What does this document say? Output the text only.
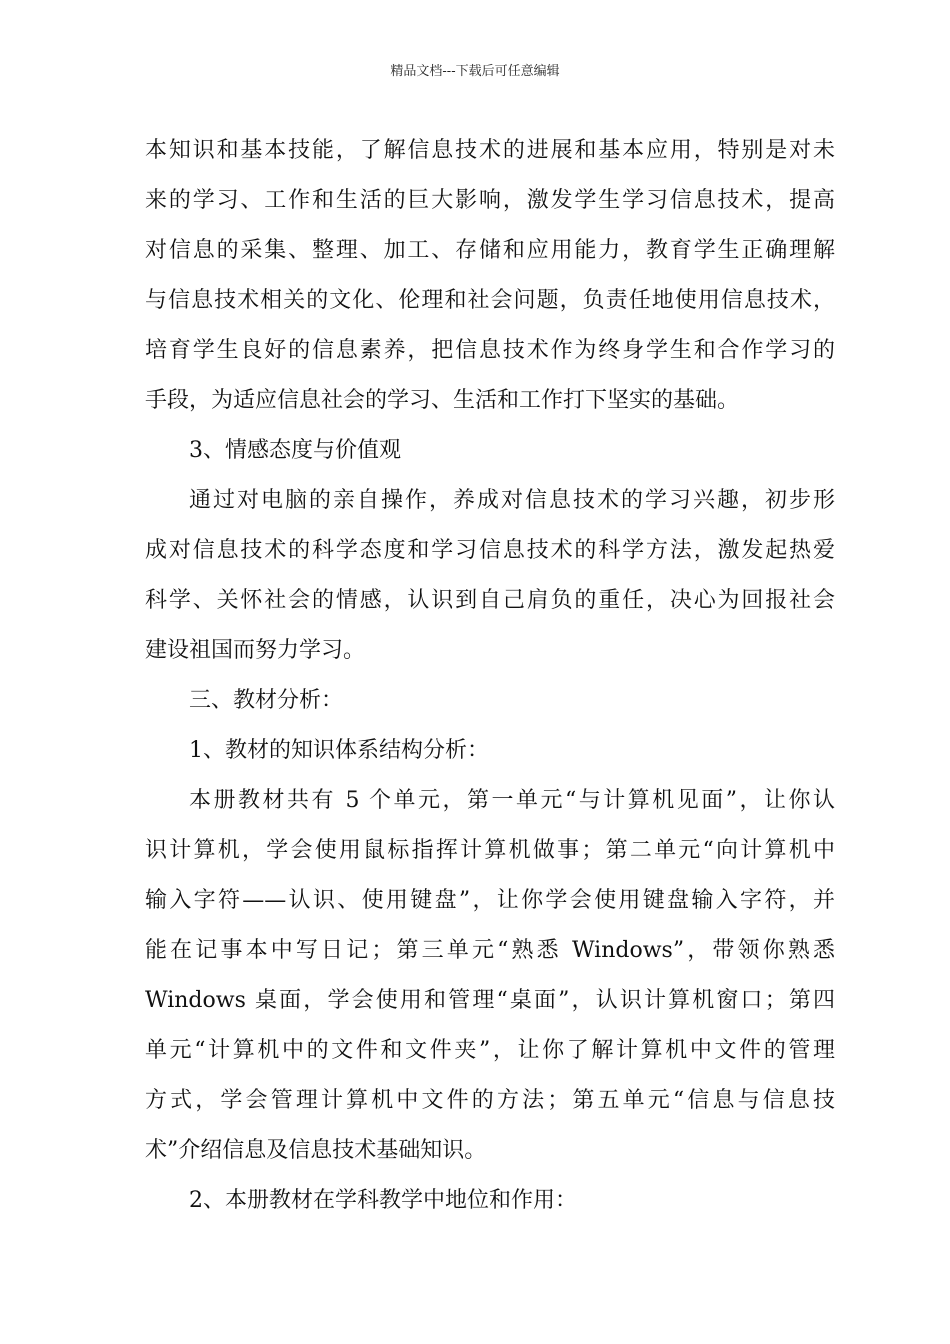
精品文档---下载后可任意编辑
本知识和基本技能，了解信息技术的进展和基本应用，特别是对未
来的学习、工作和生活的巨大影响，激发学生学习信息技术，提高
对信息的采集、整理、加工、存储和应用能力，教育学生正确理解
与信息技术相关的文化、伦理和社会问题，负责任地使用信息技术，
培育学生良好的信息素养，把信息技术作为终身学生和合作学习的
手段，为适应信息社会的学习、生活和工作打下坚实的基础。
3、情感态度与价值观
通过对电脑的亲自操作，养成对信息技术的学习兴趣，初步形
成对信息技术的科学态度和学习信息技术的科学方法，激发起热爱
科学、关怀社会的情感，认识到自己肩负的重任，决心为回报社会
建设祖国而努力学习。
三、教材分析：
1、教材的知识体系结构分析：
本册教材共有 5 个单元，第一单元“与计算机见面”，让你认
识计算机，学会使用鼠标指挥计算机做事；第二单元“向计算机中
输入字符——认识、使用键盘”，让你学会使用键盘输入字符，并
能在记事本中写日记；第三单元“熟悉 Windows”，带领你熟悉
Windows 桌面，学会使用和管理“桌面”，认识计算机窗口；第四
单元“计算机中的文件和文件夹”，让你了解计算机中文件的管理
方式，学会管理计算机中文件的方法；第五单元“信息与信息技
术”介绍信息及信息技术基础知识。
2、本册教材在学科教学中地位和作用：
